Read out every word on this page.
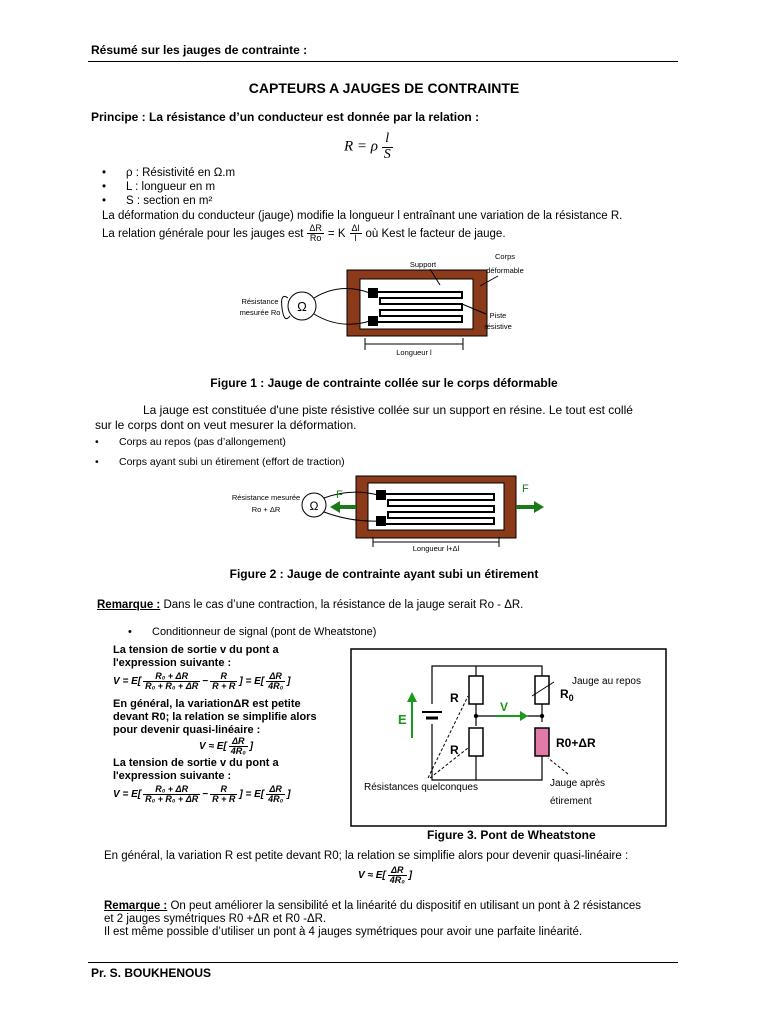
Résumé sur les jauges de contrainte :
CAPTEURS A JAUGES DE CONTRAINTE
Principe : La résistance d’un conducteur est donnée par la relation :
R = ρ $\frac{l}{S}$
• ρ : Résistivité en Ω.m
• L : longueur en m
• S : section en m²
La déformation du conducteur (jauge) modifie la longueur l entraînant une variation de la résistance R.
La relation générale pour les jauges est $\frac{\Delta R}{Ro} = K \frac{\Delta l}{l}$ où Kest le facteur de jauge.
Ω
Résistance
mesurée Ro
Support
Corps
déformable
Piste
résistive
Longueur l
Figure 1 : Jauge de contrainte collée sur le corps déformable
La jauge est constituée d'une piste résistive collée sur un support en résine. Le tout est collé
sur le corps dont on veut mesurer la déformation.
• Corps au repos (pas d’allongement)
• Corps ayant subi un étirement (effort de traction)
Ω
Résistance mesurée
Ro + ΔR
F	F
Longueur l+Δl
Figure 2 : Jauge de contrainte ayant subi un étirement
Remarque : Dans le cas d’une contraction, la résistance de la jauge serait Ro - ΔR.
• Conditionneur de signal (pont de Wheatstone)
La tension de sortie v du pont a
l'expression suivante :
$V = E[ \frac{\text{R₀ + ΔR}}{\text{R₀ + R₀ + ΔR}} - \frac{R}{R + R}$ ] = $E[ \frac{\Delta R}{\text{4R₀}}$ ]
En général, la variationΔR est petite
devant R0; la relation se simplifie alors
pour devenir quasi-linéaire :
$V \approx E[ \frac{\Delta R}{\text{4R₀}}$ ]
La tension de sortie v du pont a
l'expression suivante :
$V = E[ \frac{\text{R₀ + ΔR}}{\text{R₀ + R₀ + ΔR}} - \frac{R}{R + R}$ ] = $E[ \frac{\Delta R}{\text{4R₀}}$ ]
E
V
R
R
$R_0$
Jauge au repos
R0+ΔR
Résistances quelconques	Jauge après
étirement
Figure 3. Pont de Wheatstone
En général, la variation R est petite devant R0; la relation se simplifie alors pour devenir quasi-linéaire :
$V \approx E[ \frac{\Delta R}{\text{4R₀}}$ ]
Remarque : On peut améliorer la sensibilité et la linéarité du dispositif en utilisant un pont à 2 résistances
et 2 jauges symétriques R0 +ΔR et R0 -ΔR.
Il est même possible d’utiliser un pont à 4 jauges symétriques pour avoir une parfaite linéarité.
Pr. S. BOUKHENOUS
